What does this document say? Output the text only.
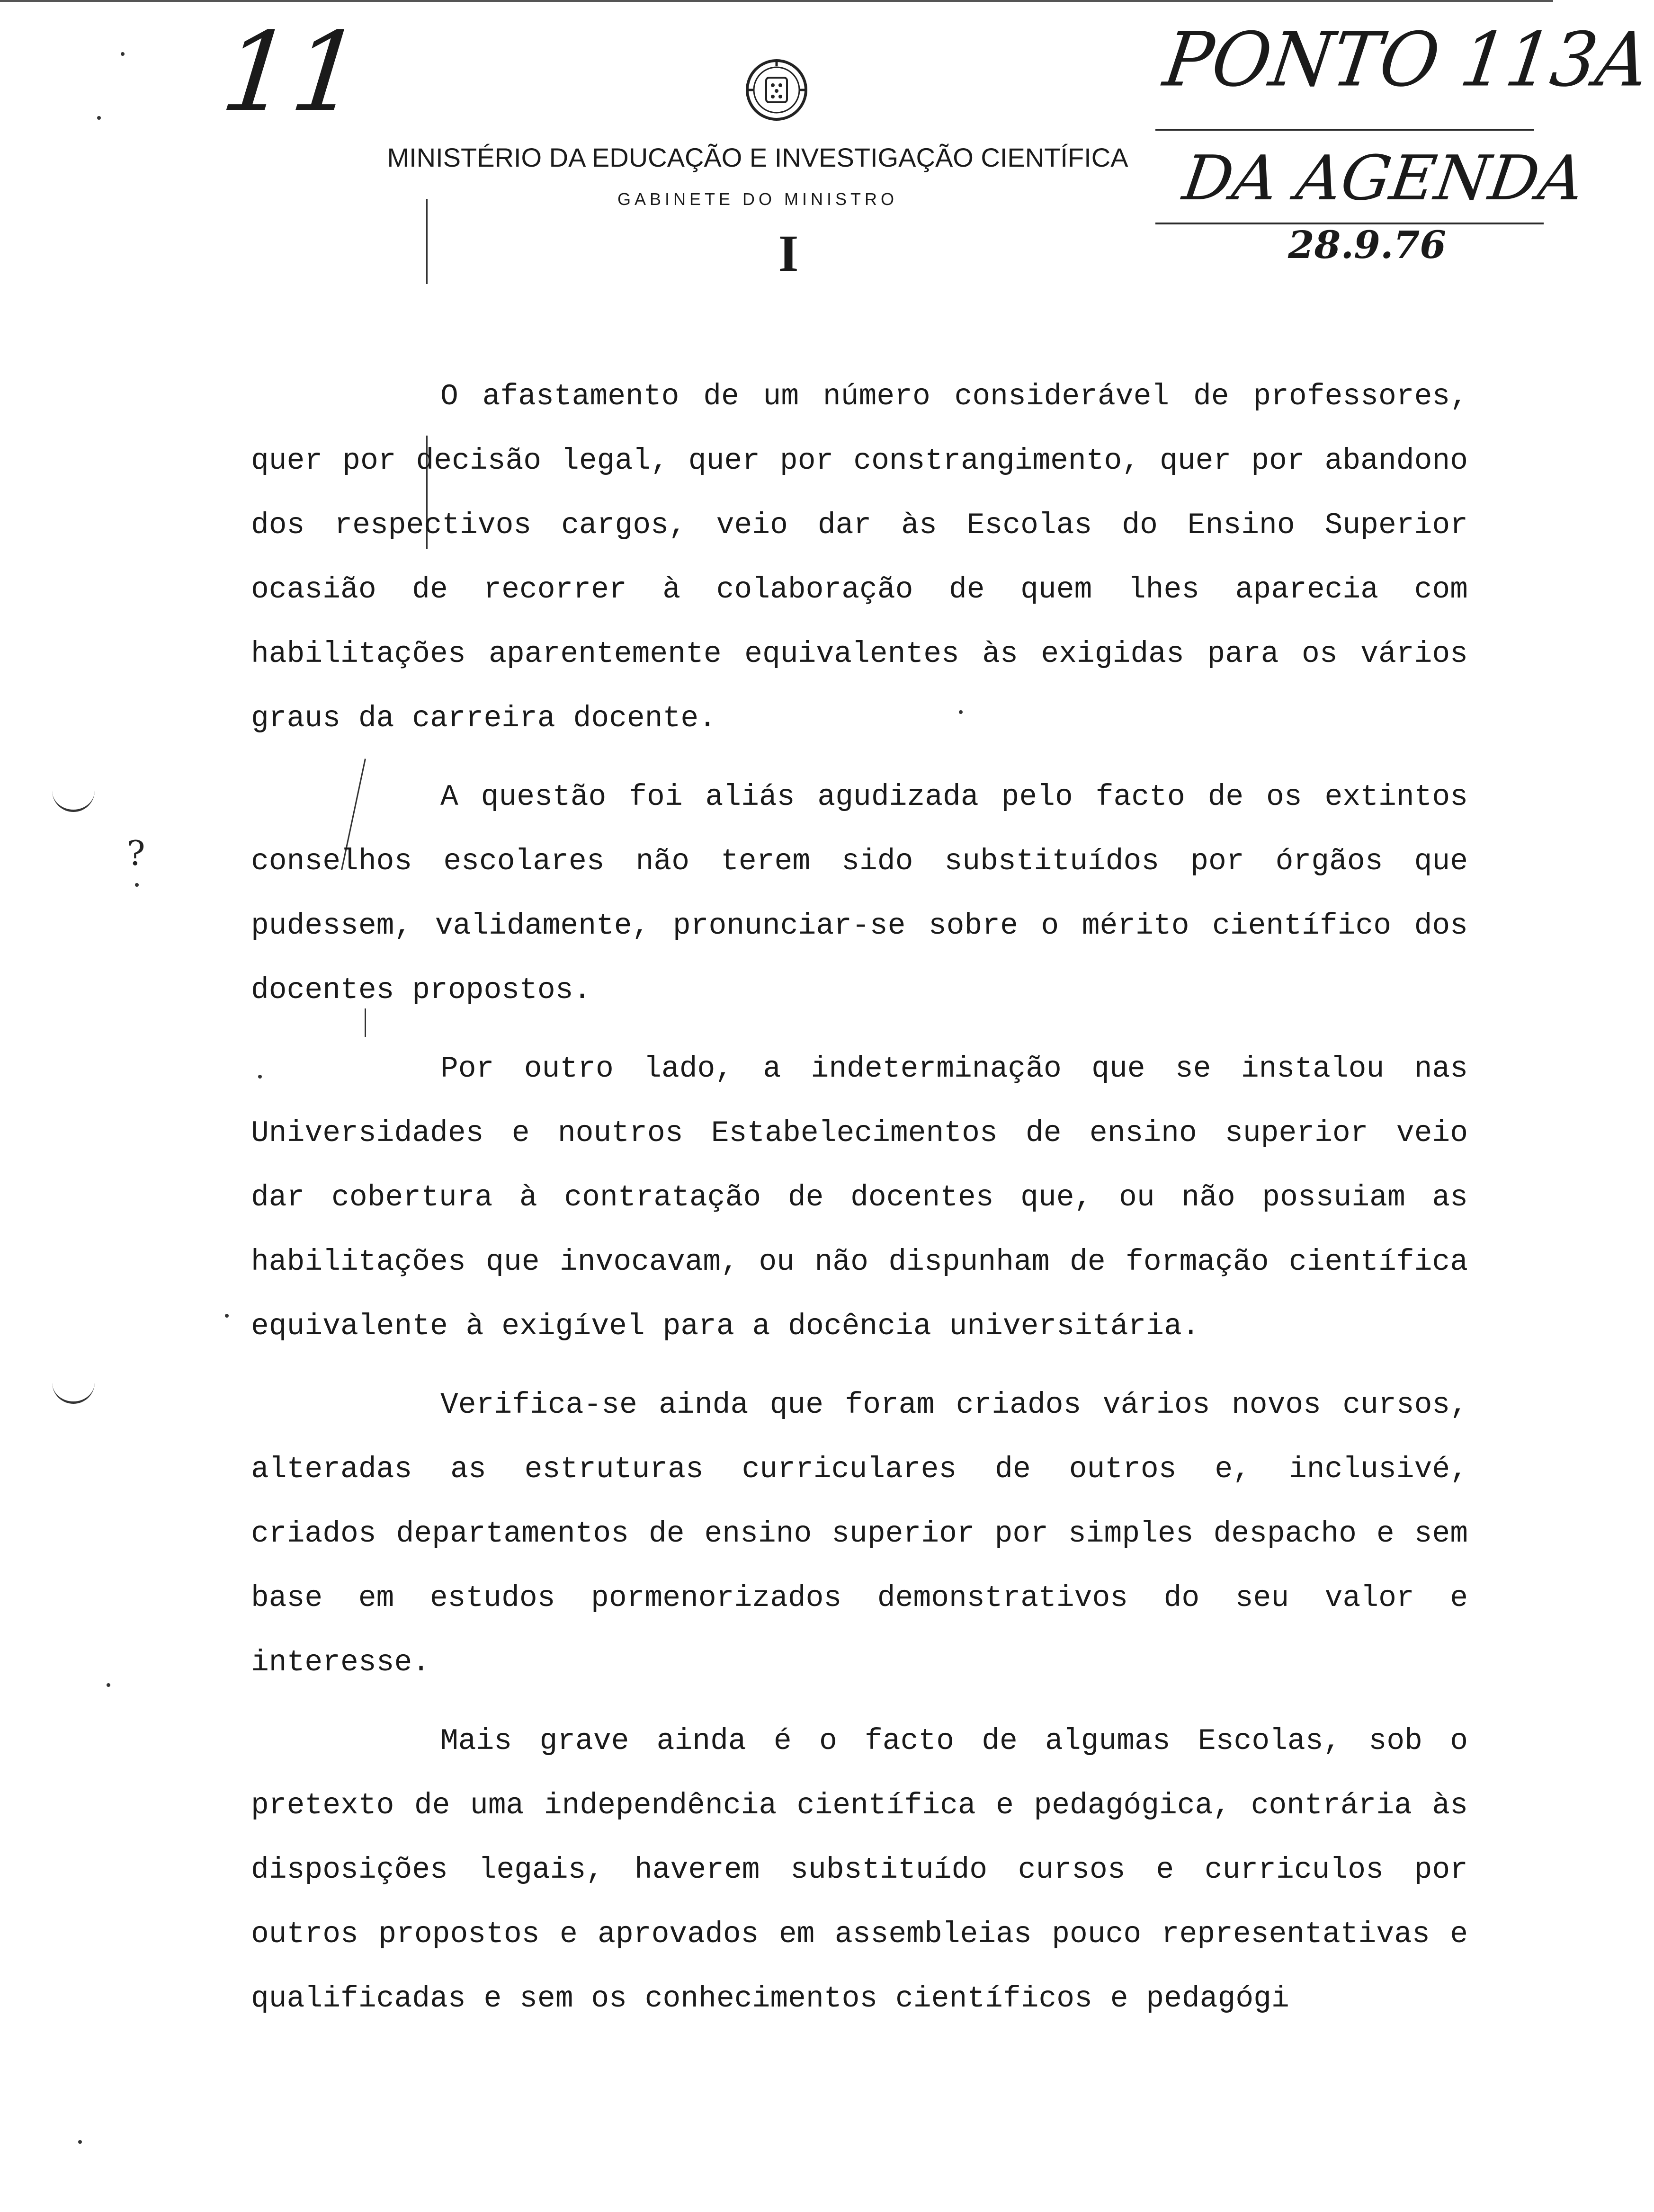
11
MINISTÉRIO DA EDUCAÇÃO E INVESTIGAÇÃO CIENTÍFICA
GABINETE DO MINISTRO
I
PONTO 113A
DA AGENDA
28.9.76
?

O afastamento de um número considerável de professores, quer por decisão legal, quer por constrangimento, quer por abandono dos respectivos cargos, veio dar às Escolas do Ensino Superior ocasião de recorrer à colaboração de quem lhes aparecia com habilitações aparentemente equivalentes às exigidas para os vários graus da carreira docente.

A questão foi aliás agudizada pelo facto de os extintos conselhos escolares não terem sido substituídos por órgãos que pudessem, validamente, pronunciar-se sobre o mérito científico dos docentes propostos.

Por outro lado, a indeterminação que se instalou nas Universidades e noutros Estabelecimentos de ensino superior veio dar cobertura à contratação de docentes que, ou não possuiam as habilitações que invocavam, ou não dispunham de formação científica equivalente à exigível para a docência universitária.

Verifica-se ainda que foram criados vários novos cursos, alteradas as estruturas curriculares de outros e, inclusivé, criados departamentos de ensino superior por simples despacho e sem base em estudos pormenorizados demonstrativos do seu valor e interesse.

Mais grave ainda é o facto de algumas Escolas, sob o pretexto de uma independência científica e pedagógica, contrária às disposições legais, haverem substituído cursos e curriculos por outros propostos e aprovados em assembleias pouco representativas e qualificadas e sem os conhecimentos científicos e pedagógi
